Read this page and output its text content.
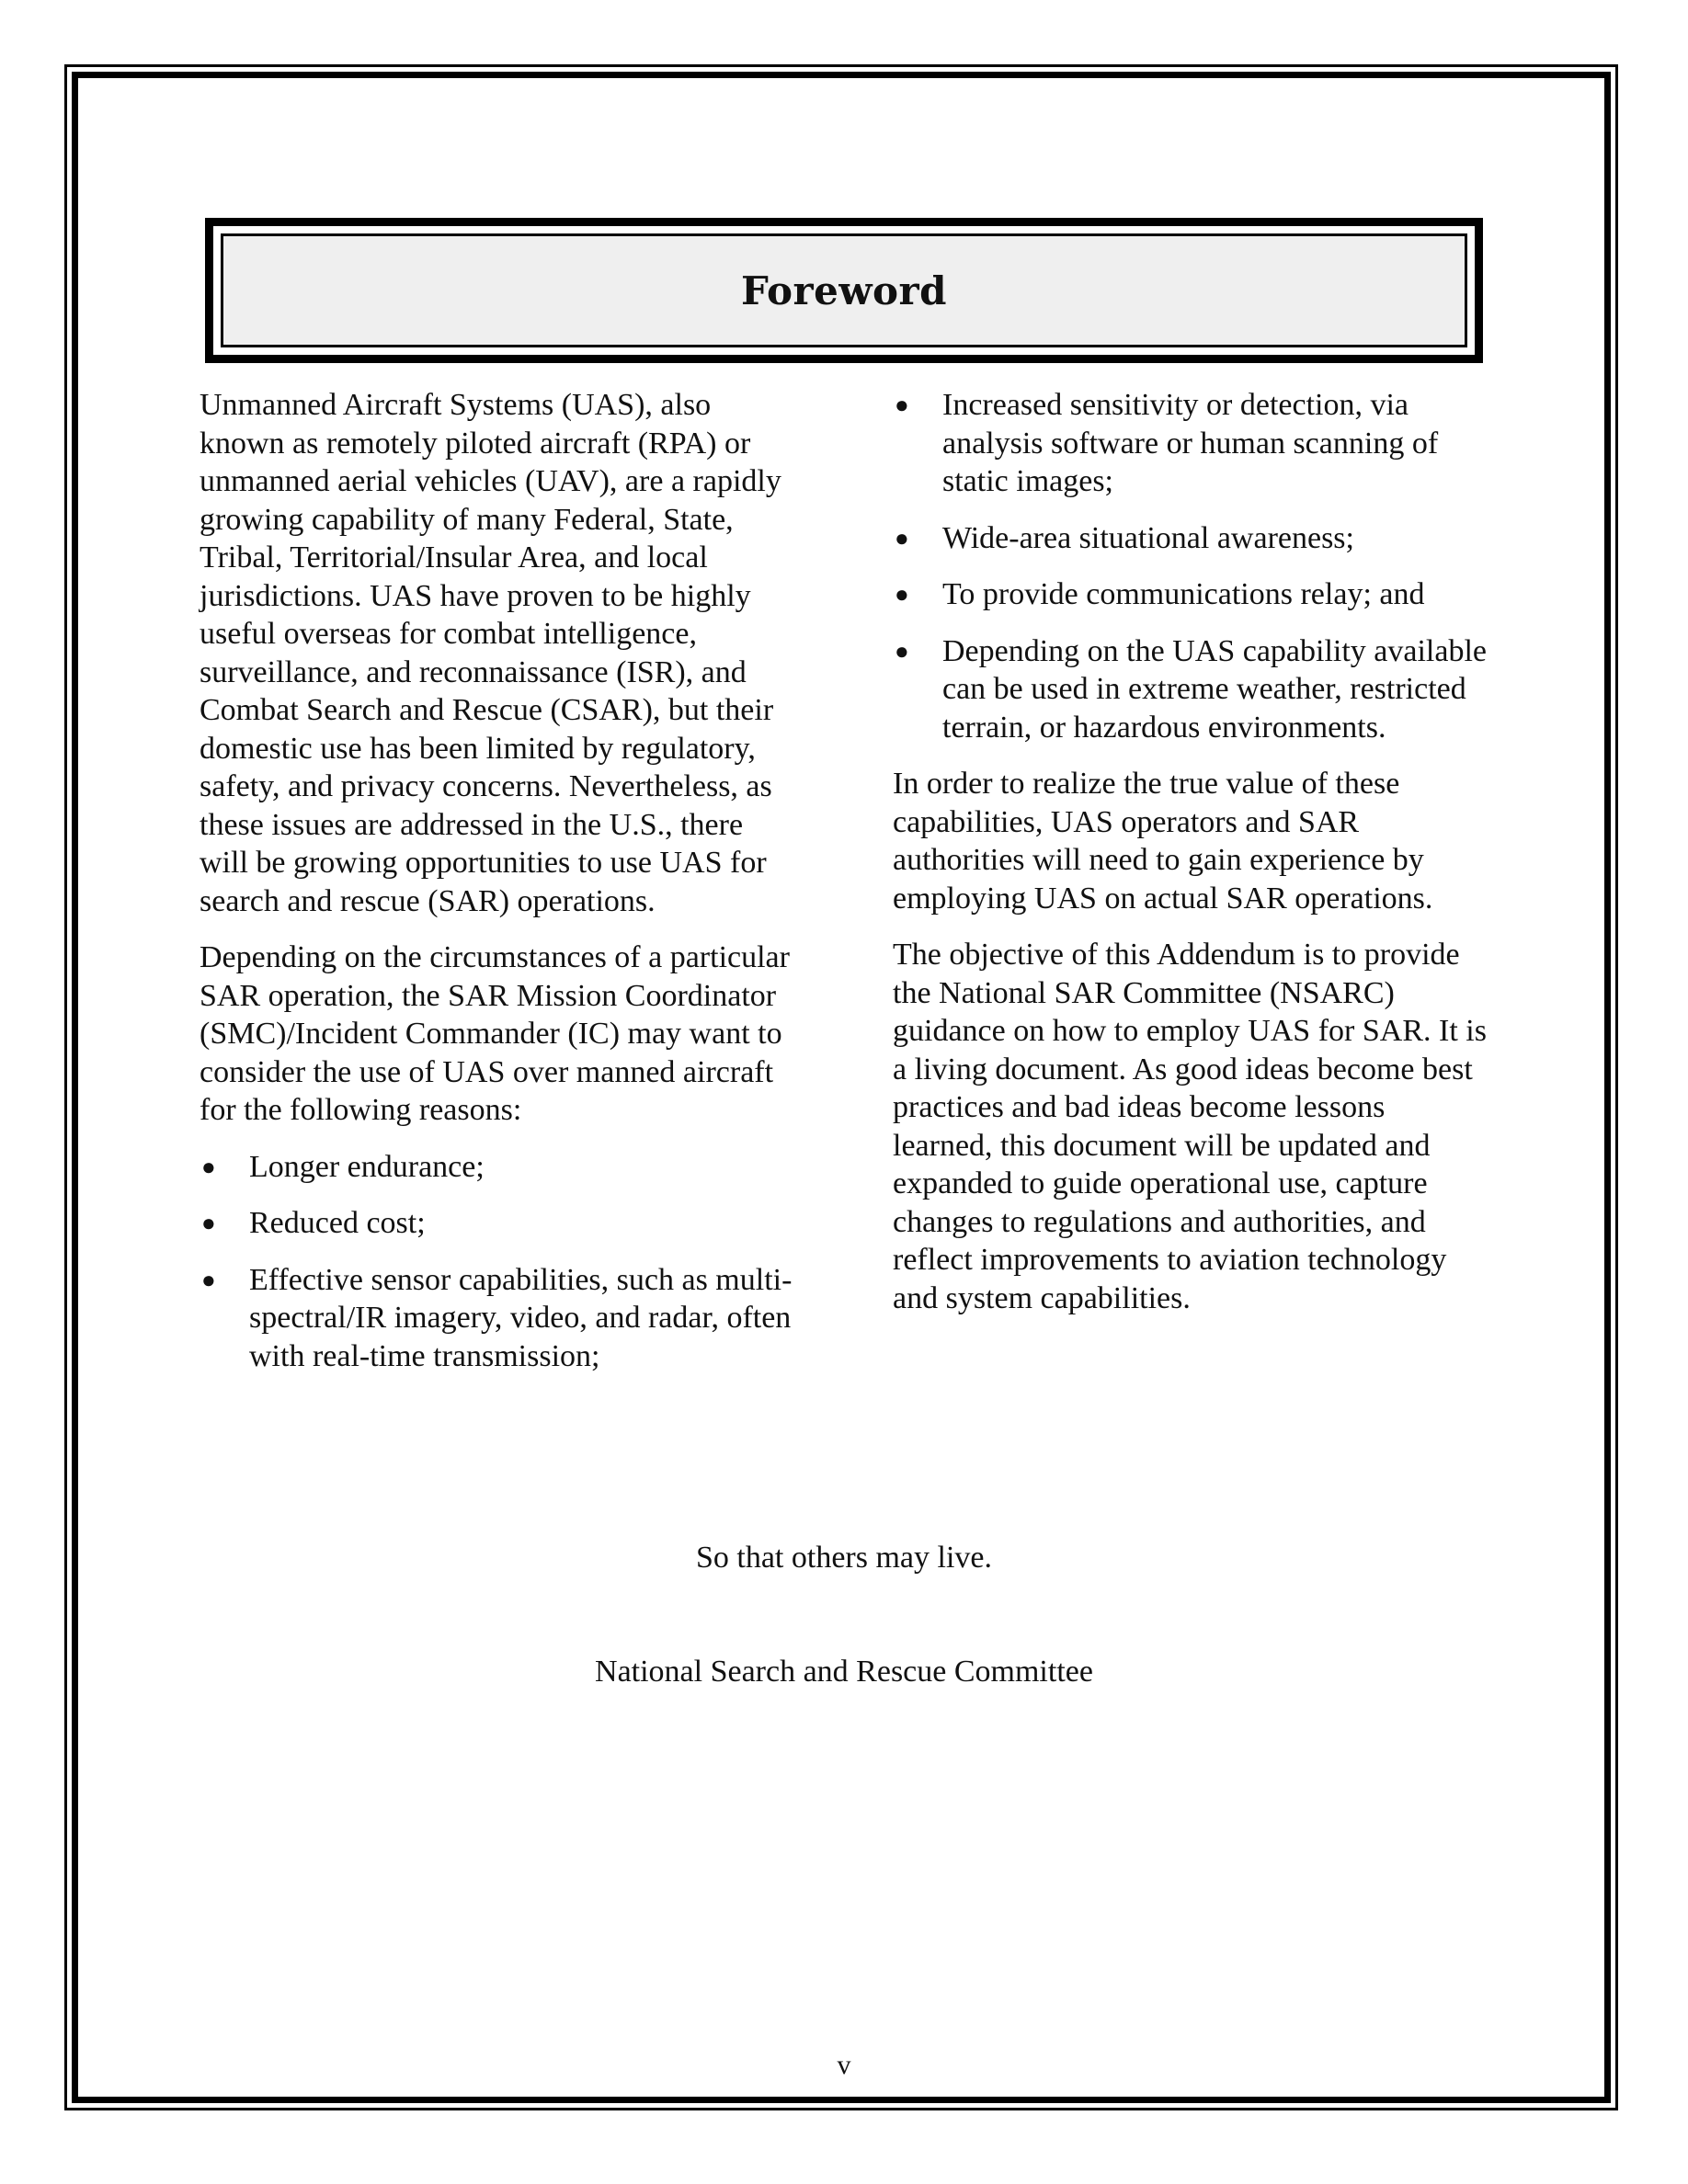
Foreword

Unmanned Aircraft Systems (UAS), also known as remotely piloted aircraft (RPA) or unmanned aerial vehicles (UAV), are a rapidly growing capability of many Federal, State, Tribal, Territorial/Insular Area, and local jurisdictions. UAS have proven to be highly useful overseas for combat intelligence, surveillance, and reconnaissance (ISR), and Combat Search and Rescue (CSAR), but their domestic use has been limited by regulatory, safety, and privacy concerns. Nevertheless, as these issues are addressed in the U.S., there will be growing opportunities to use UAS for search and rescue (SAR) operations.

Depending on the circumstances of a particular SAR operation, the SAR Mission Coordinator (SMC)/Incident Commander (IC) may want to consider the use of UAS over manned aircraft for the following reasons:

● Longer endurance;
● Reduced cost;
● Effective sensor capabilities, such as multi-spectral/IR imagery, video, and radar, often with real-time transmission;
● Increased sensitivity or detection, via analysis software or human scanning of static images;
● Wide-area situational awareness;
● To provide communications relay; and
● Depending on the UAS capability available can be used in extreme weather, restricted terrain, or hazardous environments.

In order to realize the true value of these capabilities, UAS operators and SAR authorities will need to gain experience by employing UAS on actual SAR operations.

The objective of this Addendum is to provide the National SAR Committee (NSARC) guidance on how to employ UAS for SAR. It is a living document. As good ideas become best practices and bad ideas become lessons learned, this document will be updated and expanded to guide operational use, capture changes to regulations and authorities, and reflect improvements to aviation technology and system capabilities.

So that others may live.
National Search and Rescue Committee
v
